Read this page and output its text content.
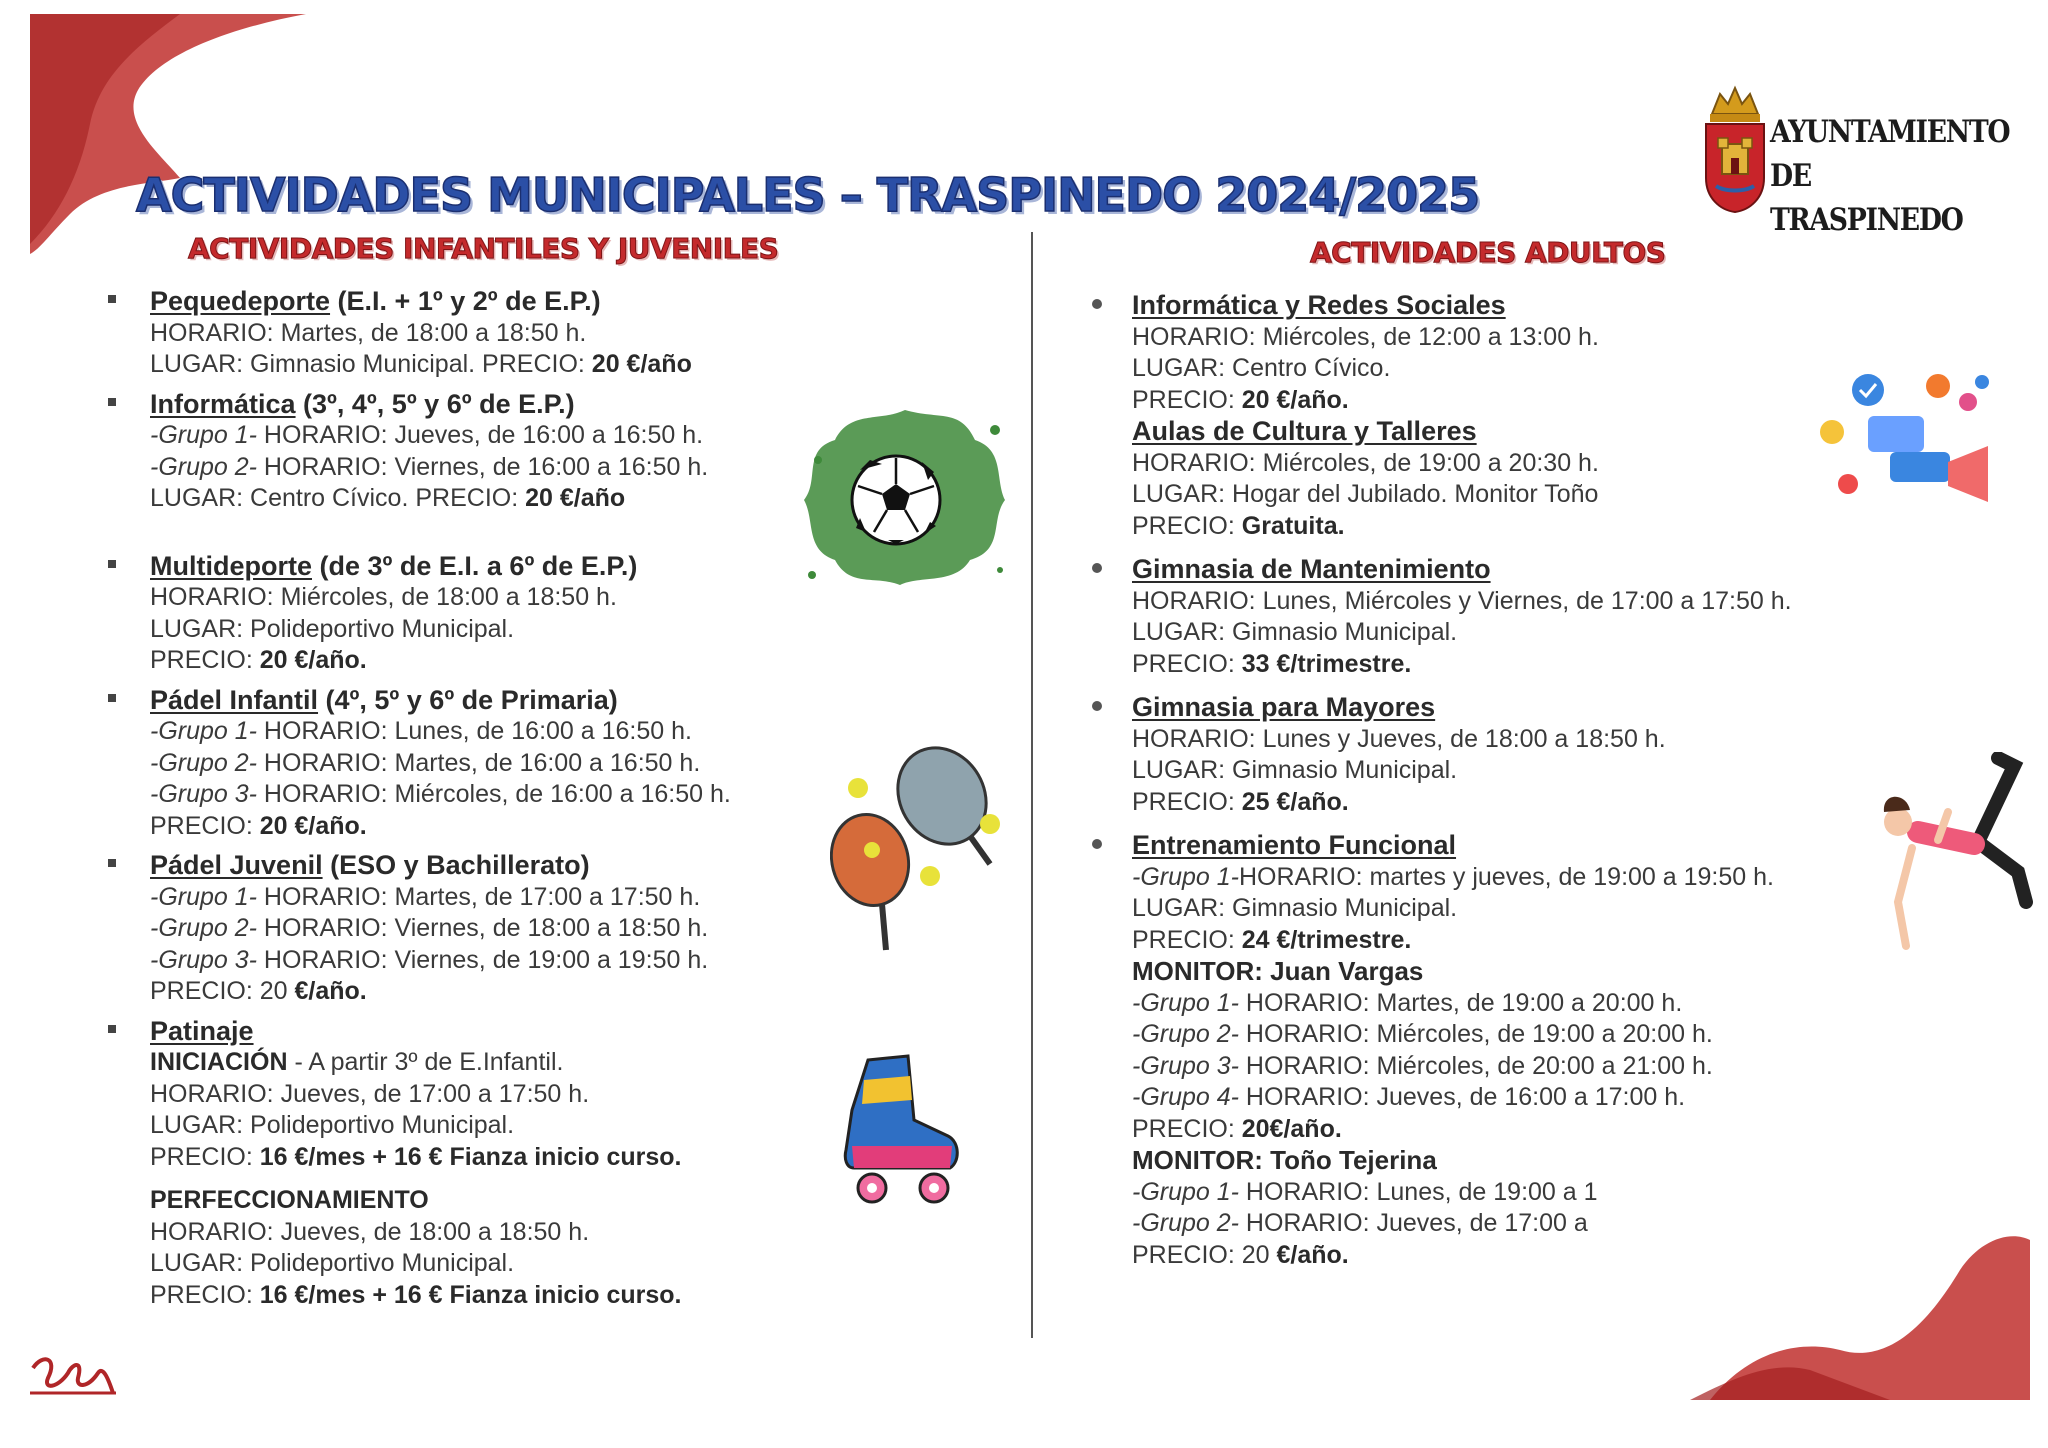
AYUNTAMIENTO DE TRASPINEDO
ACTIVIDADES MUNICIPALES – TRASPINEDO 2024/2025
ACTIVIDADES INFANTILES Y JUVENILES	ACTIVIDADES ADULTOS
Pequedeporte (E.I. + 1º y 2º de E.P.)
HORARIO: Martes, de 18:00 a 18:50 h.
LUGAR: Gimnasio Municipal. PRECIO: 20 €/año
Informática (3º, 4º, 5º y 6º de E.P.)
-Grupo 1- HORARIO: Jueves, de 16:00 a 16:50 h.
-Grupo 2- HORARIO: Viernes, de 16:00 a 16:50 h.
LUGAR: Centro Cívico. PRECIO: 20 €/año
Multideporte (de 3º de E.I. a 6º de E.P.)
HORARIO: Miércoles, de 18:00 a 18:50 h.
LUGAR: Polideportivo Municipal.
PRECIO: 20 €/año.
Pádel Infantil (4º, 5º y 6º de Primaria)
-Grupo 1- HORARIO: Lunes, de 16:00 a 16:50 h.
-Grupo 2- HORARIO: Martes, de 16:00 a 16:50 h.
-Grupo 3- HORARIO: Miércoles, de 16:00 a 16:50 h.
PRECIO: 20 €/año.
Pádel Juvenil (ESO y Bachillerato)
-Grupo 1- HORARIO: Martes, de 17:00 a 17:50 h.
-Grupo 2- HORARIO: Viernes, de 18:00 a 18:50 h.
-Grupo 3- HORARIO: Viernes, de 19:00 a 19:50 h.
PRECIO: 20 €/año.
Patinaje
INICIACIÓN - A partir 3º de E.Infantil.
HORARIO: Jueves, de 17:00 a 17:50 h.
LUGAR: Polideportivo Municipal.
PRECIO: 16 €/mes + 16 € Fianza inicio curso.
PERFECCIONAMIENTO
HORARIO: Jueves, de 18:00 a 18:50 h.
LUGAR: Polideportivo Municipal.
PRECIO: 16 €/mes + 16 € Fianza inicio curso.
Informática y Redes Sociales
HORARIO: Miércoles, de 12:00 a 13:00 h.
LUGAR: Centro Cívico.
PRECIO: 20 €/año.
Aulas de Cultura y Talleres
HORARIO: Miércoles, de 19:00 a 20:30 h.
LUGAR: Hogar del Jubilado. Monitor Toño
PRECIO: Gratuita.
Gimnasia de Mantenimiento
HORARIO: Lunes, Miércoles y Viernes, de 17:00 a 17:50 h.
LUGAR: Gimnasio Municipal.
PRECIO: 33 €/trimestre.
Gimnasia para Mayores
HORARIO: Lunes y Jueves, de 18:00 a 18:50 h.
LUGAR: Gimnasio Municipal.
PRECIO: 25 €/año.
Entrenamiento Funcional
-Grupo 1-HORARIO: martes y jueves, de 19:00 a 19:50 h.
LUGAR: Gimnasio Municipal.
PRECIO: 24 €/trimestre.
MONITOR: Juan Vargas
-Grupo 1- HORARIO: Martes, de 19:00 a 20:00 h.
-Grupo 2- HORARIO: Miércoles, de 19:00 a 20:00 h.
-Grupo 3- HORARIO: Miércoles, de 20:00 a 21:00 h.
-Grupo 4- HORARIO: Jueves, de 16:00 a 17:00 h.
PRECIO: 20€/año.
MONITOR: Toño Tejerina
-Grupo 1- HORARIO: Lunes, de 19:00 a 1
-Grupo 2- HORARIO: Jueves, de 17:00 a
PRECIO: 20 €/año.
